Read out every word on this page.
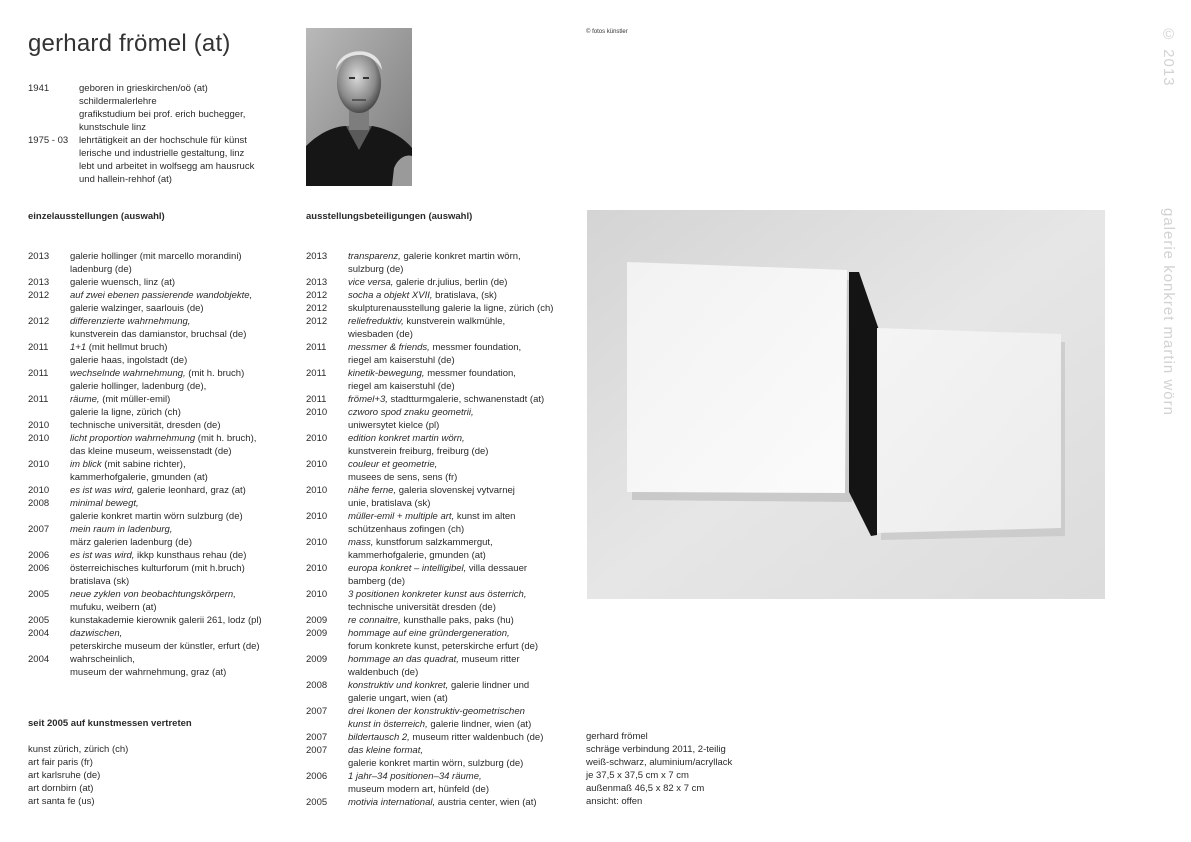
gerhard frömel (at)
1941	geboren in grieskirchen/oö (at)
schildermalerlehre
grafikstudium bei prof. erich buchegger,
kunstschule linz
1975 - 03	lehrtätigkeit an der hochschule für künst
lerische und industrielle gestaltung, linz
lebt und arbeitet in wolfsegg am hausruck
und hallein-rehhof (at)
© fotos künstler	© 2013
galerie konkret martin wörn
einzelausstellungen (auswahl)	ausstellungsbeteiligungen (auswahl)
2013	galerie hollinger (mit marcello morandini)
ladenburg (de)
2013	galerie wuensch, linz (at)
2012	auf zwei ebenen passierende wandobjekte,
galerie walzinger, saarlouis (de)
2012	differenzierte wahrnehmung,
kunstverein das damianstor, bruchsal (de)
2011	1+1 (mit hellmut bruch)
galerie haas, ingolstadt (de)
2011	wechselnde wahrnehmung, (mit h. bruch)
galerie hollinger, ladenburg (de),
2011	räume, (mit müller-emil)
galerie la ligne, zürich (ch)
2010	technische universität, dresden (de)
2010	licht proportion wahrnehmung (mit h. bruch),
das kleine museum, weissenstadt (de)
2010	im blick (mit sabine richter),
kammerhofgalerie, gmunden (at)
2010	es ist was wird, galerie leonhard, graz (at)
2008	minimal bewegt,
galerie konkret martin wörn sulzburg (de)
2007	mein raum in ladenburg,
märz galerien ladenburg (de)
2006	es ist was wird, ikkp kunsthaus rehau (de)
2006	österreichisches kulturforum (mit h.bruch)
bratislava (sk)
2005	neue zyklen von beobachtungskörpern,
mufuku, weibern (at)
2005	kunstakademie kierownik galerii 261, lodz (pl)
2004	dazwischen,
peterskirche museum der künstler, erfurt (de)
2004	wahrscheinlich,
museum der wahrnehmung, graz (at)
2013	transparenz, galerie konkret martin wörn,
sulzburg (de)
2013	vice versa, galerie dr.julius, berlin (de)
2012	socha a objekt XVII, bratislava, (sk)
2012	skulpturenausstellung galerie la ligne, zürich (ch)
2012	reliefreduktiv, kunstverein walkmühle,
wiesbaden (de)
2011	messmer & friends, messmer foundation,
riegel am kaiserstuhl (de)
2011	kinetik-bewegung, messmer foundation,
riegel am kaiserstuhl (de)
2011	frömel+3, stadtturmgalerie, schwanenstadt (at)
2010	czworo spod znaku geometrii,
uniwersytet kielce (pl)
2010	edition konkret martin wörn,
kunstverein freiburg, freiburg (de)
2010	couleur et geometrie,
musees de sens, sens (fr)
2010	nähe ferne, galeria slovenskej vytvarnej
unie, bratislava (sk)
2010	müller-emil + multiple art, kunst im alten
schützenhaus zofingen (ch)
2010	mass, kunstforum salzkammergut,
kammerhofgalerie, gmunden (at)
2010	europa konkret – intelligibel, villa dessauer
bamberg (de)
2010	3 positionen konkreter kunst aus österrich,
technische universität dresden (de)
2009	re connaitre, kunsthalle paks, paks (hu)
2009	hommage auf eine gründergeneration,
forum konkrete kunst, peterskirche erfurt (de)
2009	hommage an das quadrat, museum ritter
waldenbuch (de)
2008	konstruktiv und konkret, galerie lindner und
galerie ungart, wien (at)
2007	drei Ikonen der konstruktiv-geometrischen
kunst in österreich, galerie lindner, wien (at)
2007	bildertausch 2, museum ritter waldenbuch (de)
2007	das kleine format,
galerie konkret martin wörn, sulzburg (de)
2006	1 jahr–34 positionen–34 räume,
museum modern art, hünfeld (de)
2005	motivia international, austria center, wien (at)
seit 2005 auf kunstmessen vertreten
kunst zürich, zürich (ch)
art fair paris (fr)
art karlsruhe (de)
art dornbirn (at)
art santa fe (us)
gerhard frömel
schräge verbindung 2011, 2-teilig
weiß-schwarz, aluminium/acryllack
je 37,5 x 37,5 cm x 7 cm
außenmaß 46,5 x 82 x 7 cm
ansicht: offen
